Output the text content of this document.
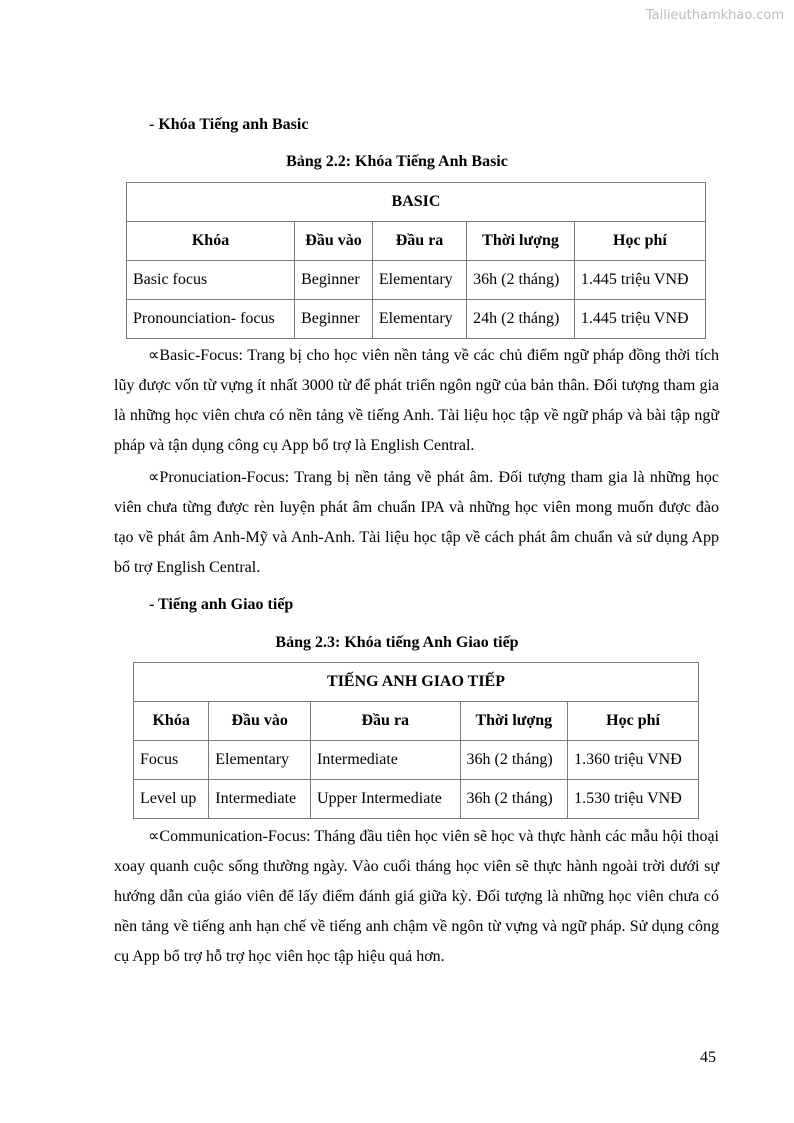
Tailieuthamkhao.com
- Khóa Tiếng anh Basic
Bảng 2.2: Khóa Tiếng Anh Basic
BASIC				
Khóa	Đầu vào	Đầu ra	Thời lượng	Học phí
Basic focus	Beginner	Elementary	36h (2 tháng)	1.445 triệu VNĐ
Pronounciation- focus	Beginner	Elementary	24h (2 tháng)	1.445 triệu VNĐ

∝Basic-Focus: Trang bị cho học viên nền tảng về các chủ điểm ngữ pháp đồng thời tích lũy được vốn từ vựng ít nhất 3000 từ để phát triển ngôn ngữ của bản thân. Đối tượng tham gia là những học viên chưa có nền tảng về tiếng Anh. Tài liệu học tập về ngữ pháp và bài tập ngữ pháp và tận dụng công cụ App bổ trợ là English Central.

∝Pronuciation-Focus: Trang bị nền tảng về phát âm. Đối tượng tham gia là những học viên chưa từng được rèn luyện phát âm chuẩn IPA và những học viên mong muốn được đào tạo về phát âm Anh-Mỹ và Anh-Anh. Tài liệu học tập về cách phát âm chuẩn và sử dụng App bổ trợ English Central.

- Tiếng anh Giao tiếp
Bảng 2.3: Khóa tiếng Anh Giao tiếp
TIẾNG ANH GIAO TIẾP				
Khóa	Đầu vào	Đầu ra	Thời lượng	Học phí
Focus	Elementary	Intermediate	36h (2 tháng)	1.360 triệu VNĐ
Level up	Intermediate	Upper Intermediate	36h (2 tháng)	1.530 triệu VNĐ

∝Communication-Focus: Tháng đầu tiên học viên sẽ học và thực hành các mẫu hội thoại xoay quanh cuộc sống thường ngày. Vào cuối tháng học viên sẽ thực hành ngoài trời dưới sự hướng dẫn của giáo viên để lấy điểm đánh giá giữa kỳ. Đối tượng là những học viên chưa có nền tảng về tiếng anh hạn chế về tiếng anh chậm về ngôn từ vựng và ngữ pháp. Sử dụng công cụ App bổ trợ hỗ trợ học viên học tập hiệu quả hơn.

45
